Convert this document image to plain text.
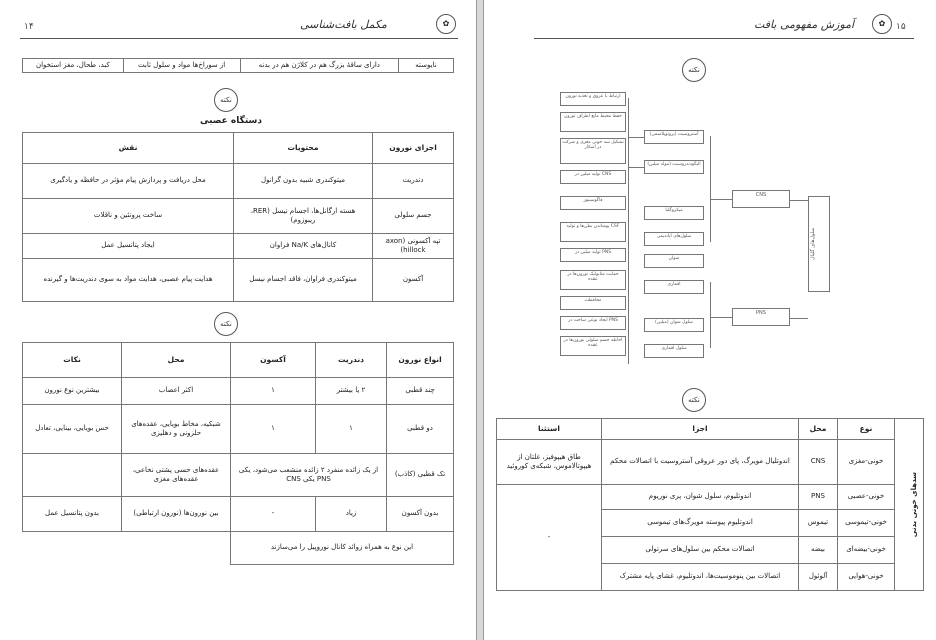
✿
مکمل بافت‌شناسی
۱۴
نایوسته	دارای ساقۀ بزرگ هم در کلاژن هم در بدنه	از سوراخ‌ها مواد و سلول ثابت	کبد، طحال، مغز استخوان
نكته
دستگاه عصبی
اجزای نورون	محتویات	نقش
دندریت	میتوکندری شبیه بدون گرانول	محل دریافت و پردازش پیام مؤثر در حافظه و یادگیری
جسم سلولی	هسته ارگانل‌ها، اجسام نیسل (RER، ریبوزوم)	ساخت پروتئین و ناقلات
تپه آکسونی (axon hillock)	کانال‌های Na/K فراوان	ایجاد پتانسیل عمل
آکسون	میتوکندری فراوان، فاقد اجسام نیسل	هدایت پیام عصبی، هدایت مواد به سوی دندریت‌ها و گیرنده
نكته
انواع نورون	دندریت	آکسون	محل	نکات
چند قطبی	۲ یا بیشتر	۱	اکثر اعصاب	بیشترین نوع نورون
دو قطبی	۱	۱	شبکیه، مخاط بویایی، عقده‌های حلزونی و دهلیزی	حس بویایی، بینایی، تعادل
تک قطبی (کاذب)	از یک زائده منفرد ۲ زائده منشعب می‌شود، یکی PNS یکی CNS		عقده‌های حسی پشتی نخاعی، عقده‌های مغزی	
بدون آکسون	زیاد	-	بین نورون‌ها (نورون ارتباطی)	بدون پتانسیل عمل
این نوع به همراه زوائد کانال نوروپیل را می‌سازند				
۱۵
✿
آموزش مفهومی بافت
نكته
سلول‌های گلیال
CNS
PNS
آستروسیت (پروتوپلاسمی)
الیگودندروسیت (مولد میلین)
میکروگلیا
سلول‌های اپاندیمی
شوان
اقماری
سلول شوان (میلین)
سلول اقماری
ارتباط با عروق و تغذیه نورون
حفظ محیط مایع اطراف نورون
تشکیل سد خونی مغزی و شرکت در اسکار
تولید میلین در CNS
فاگوسیتوز
پوشاندن بطن‌ها و تولید CSF
تولید میلین در PNS
حمایت متابولیک نورون‌ها در عقده
محافظت
ایجاد نوعی ساخت در PNS
احاطه جسم سلولی نورون‌ها در عقده
نكته
سدهای خونی بدنی	نوع	محل	اجزا	استثنا
	خونی-مغزی	CNS	اندوتلیال مویرگ، پای دور عروقی آستروسیت با اتصالات محکم	طاق هیپوفیز، غلتان از هیپوتالاموس، شبکه‌ی کوروئید
	خونی-عصبی	PNS	اندوتلیوم، سلول شوان، پری نوریوم	-
	خونی-تیموسی	تیموس	اندوتلیوم پیوسته مویرگ‌های تیموسی	
	خونی-بیضه‌ای	بیضه	اتصالات محکم بین سلول‌های سرتولی	
	خونی-هوایی	آلوئول	اتصالات بین پنوموسیت‌ها، اندوتلیوم، غشای پایه مشترک	
